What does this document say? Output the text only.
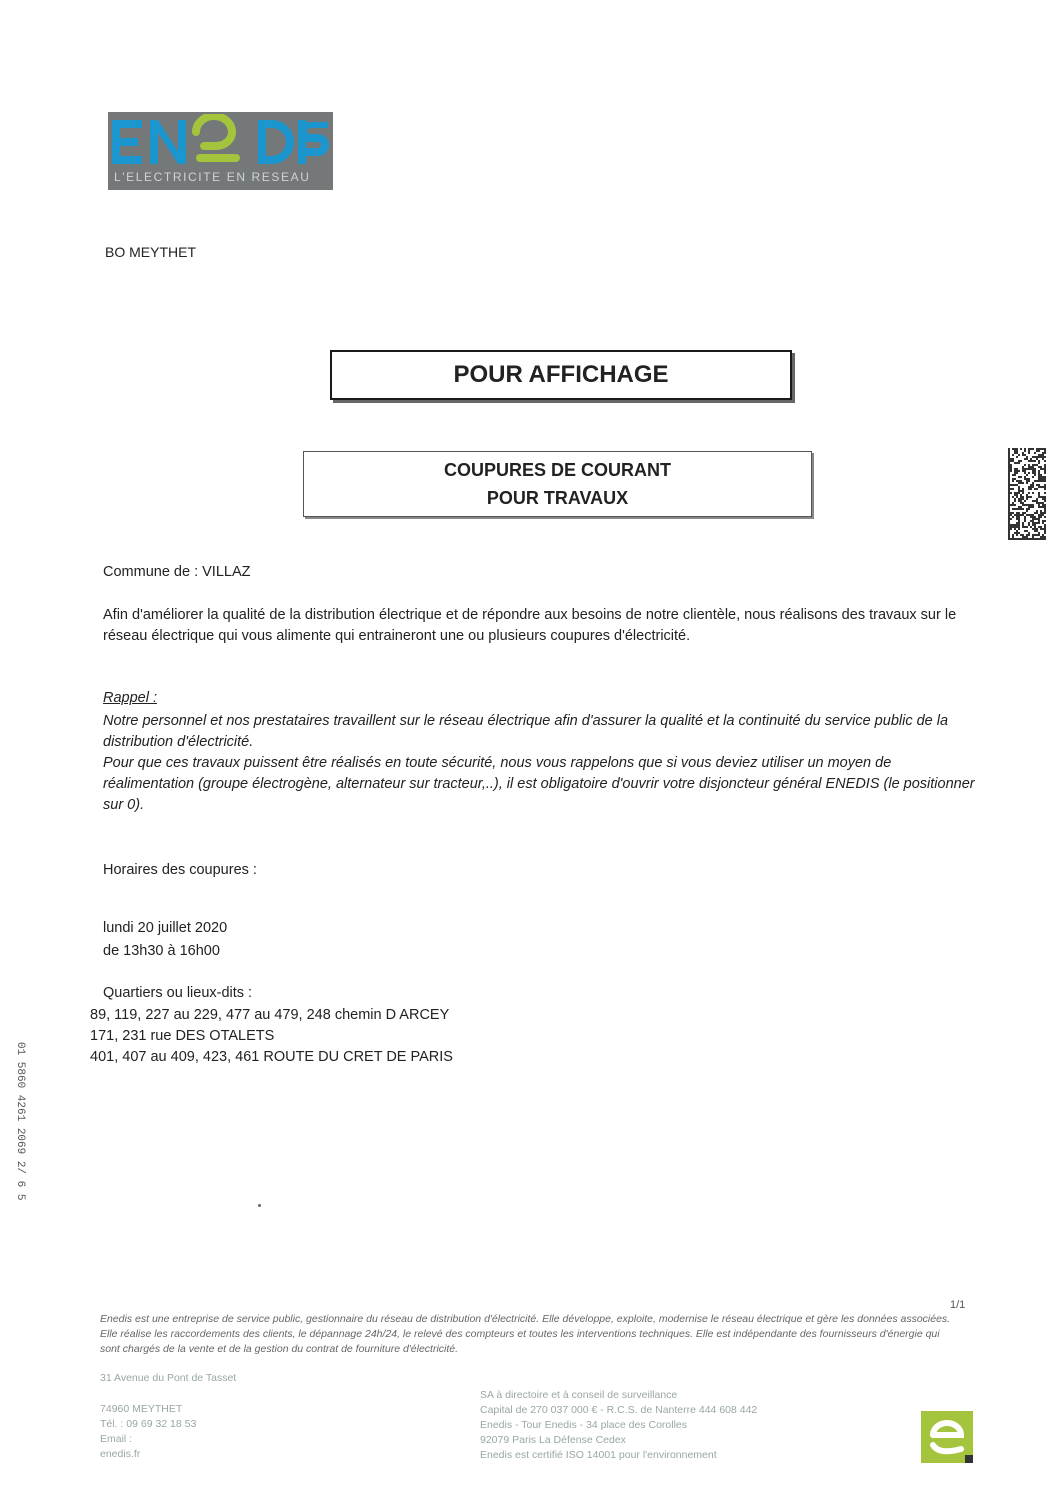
L'ELECTRICITE EN RESEAU
BO MEYTHET
POUR AFFICHAGE
COUPURES DE COURANT
POUR TRAVAUX
Commune de : VILLAZ
Afin d'améliorer la qualité de la distribution électrique et de répondre aux besoins de notre clientèle, nous réalisons des travaux sur le réseau électrique qui vous alimente qui entraineront une ou plusieurs coupures d'électricité.
Rappel :
Notre personnel et nos prestataires travaillent sur le réseau électrique afin d'assurer la qualité et la continuité du service public de la distribution d'électricité.
Pour que ces travaux puissent être réalisés en toute sécurité, nous vous rappelons que si vous deviez utiliser un moyen de réalimentation (groupe électrogène, alternateur sur tracteur,..), il est obligatoire d'ouvrir votre disjoncteur général ENEDIS (le positionner sur 0).
Horaires des coupures :
lundi 20 juillet 2020
de 13h30 à 16h00
Quartiers ou lieux-dits :
89, 119, 227 au 229, 477 au 479, 248 chemin D ARCEY
171, 231 rue DES OTALETS
401, 407 au 409, 423, 461 ROUTE DU CRET DE PARIS
01 5860 4261 2069 2/ 6 5
1/1
Enedis est une entreprise de service public, gestionnaire du réseau de distribution d'électricité. Elle développe, exploite, modernise le réseau électrique et gère les données associées. Elle réalise les raccordements des clients, le dépannage 24h/24, le relevé des compteurs et toutes les interventions techniques. Elle est indépendante des fournisseurs d'énergie qui sont chargés de la vente et de la gestion du contrat de fourniture d'électricité.
31 Avenue du Pont de Tasset
74960 MEYTHET
Tél. : 09 69 32 18 53
Email :
enedis.fr
SA à directoire et à conseil de surveillance
Capital de 270 037 000 € - R.C.S. de Nanterre 444 608 442
Enedis - Tour Enedis - 34 place des Corolles
92079 Paris La Défense Cedex
Enedis est certifié ISO 14001 pour l'environnement
